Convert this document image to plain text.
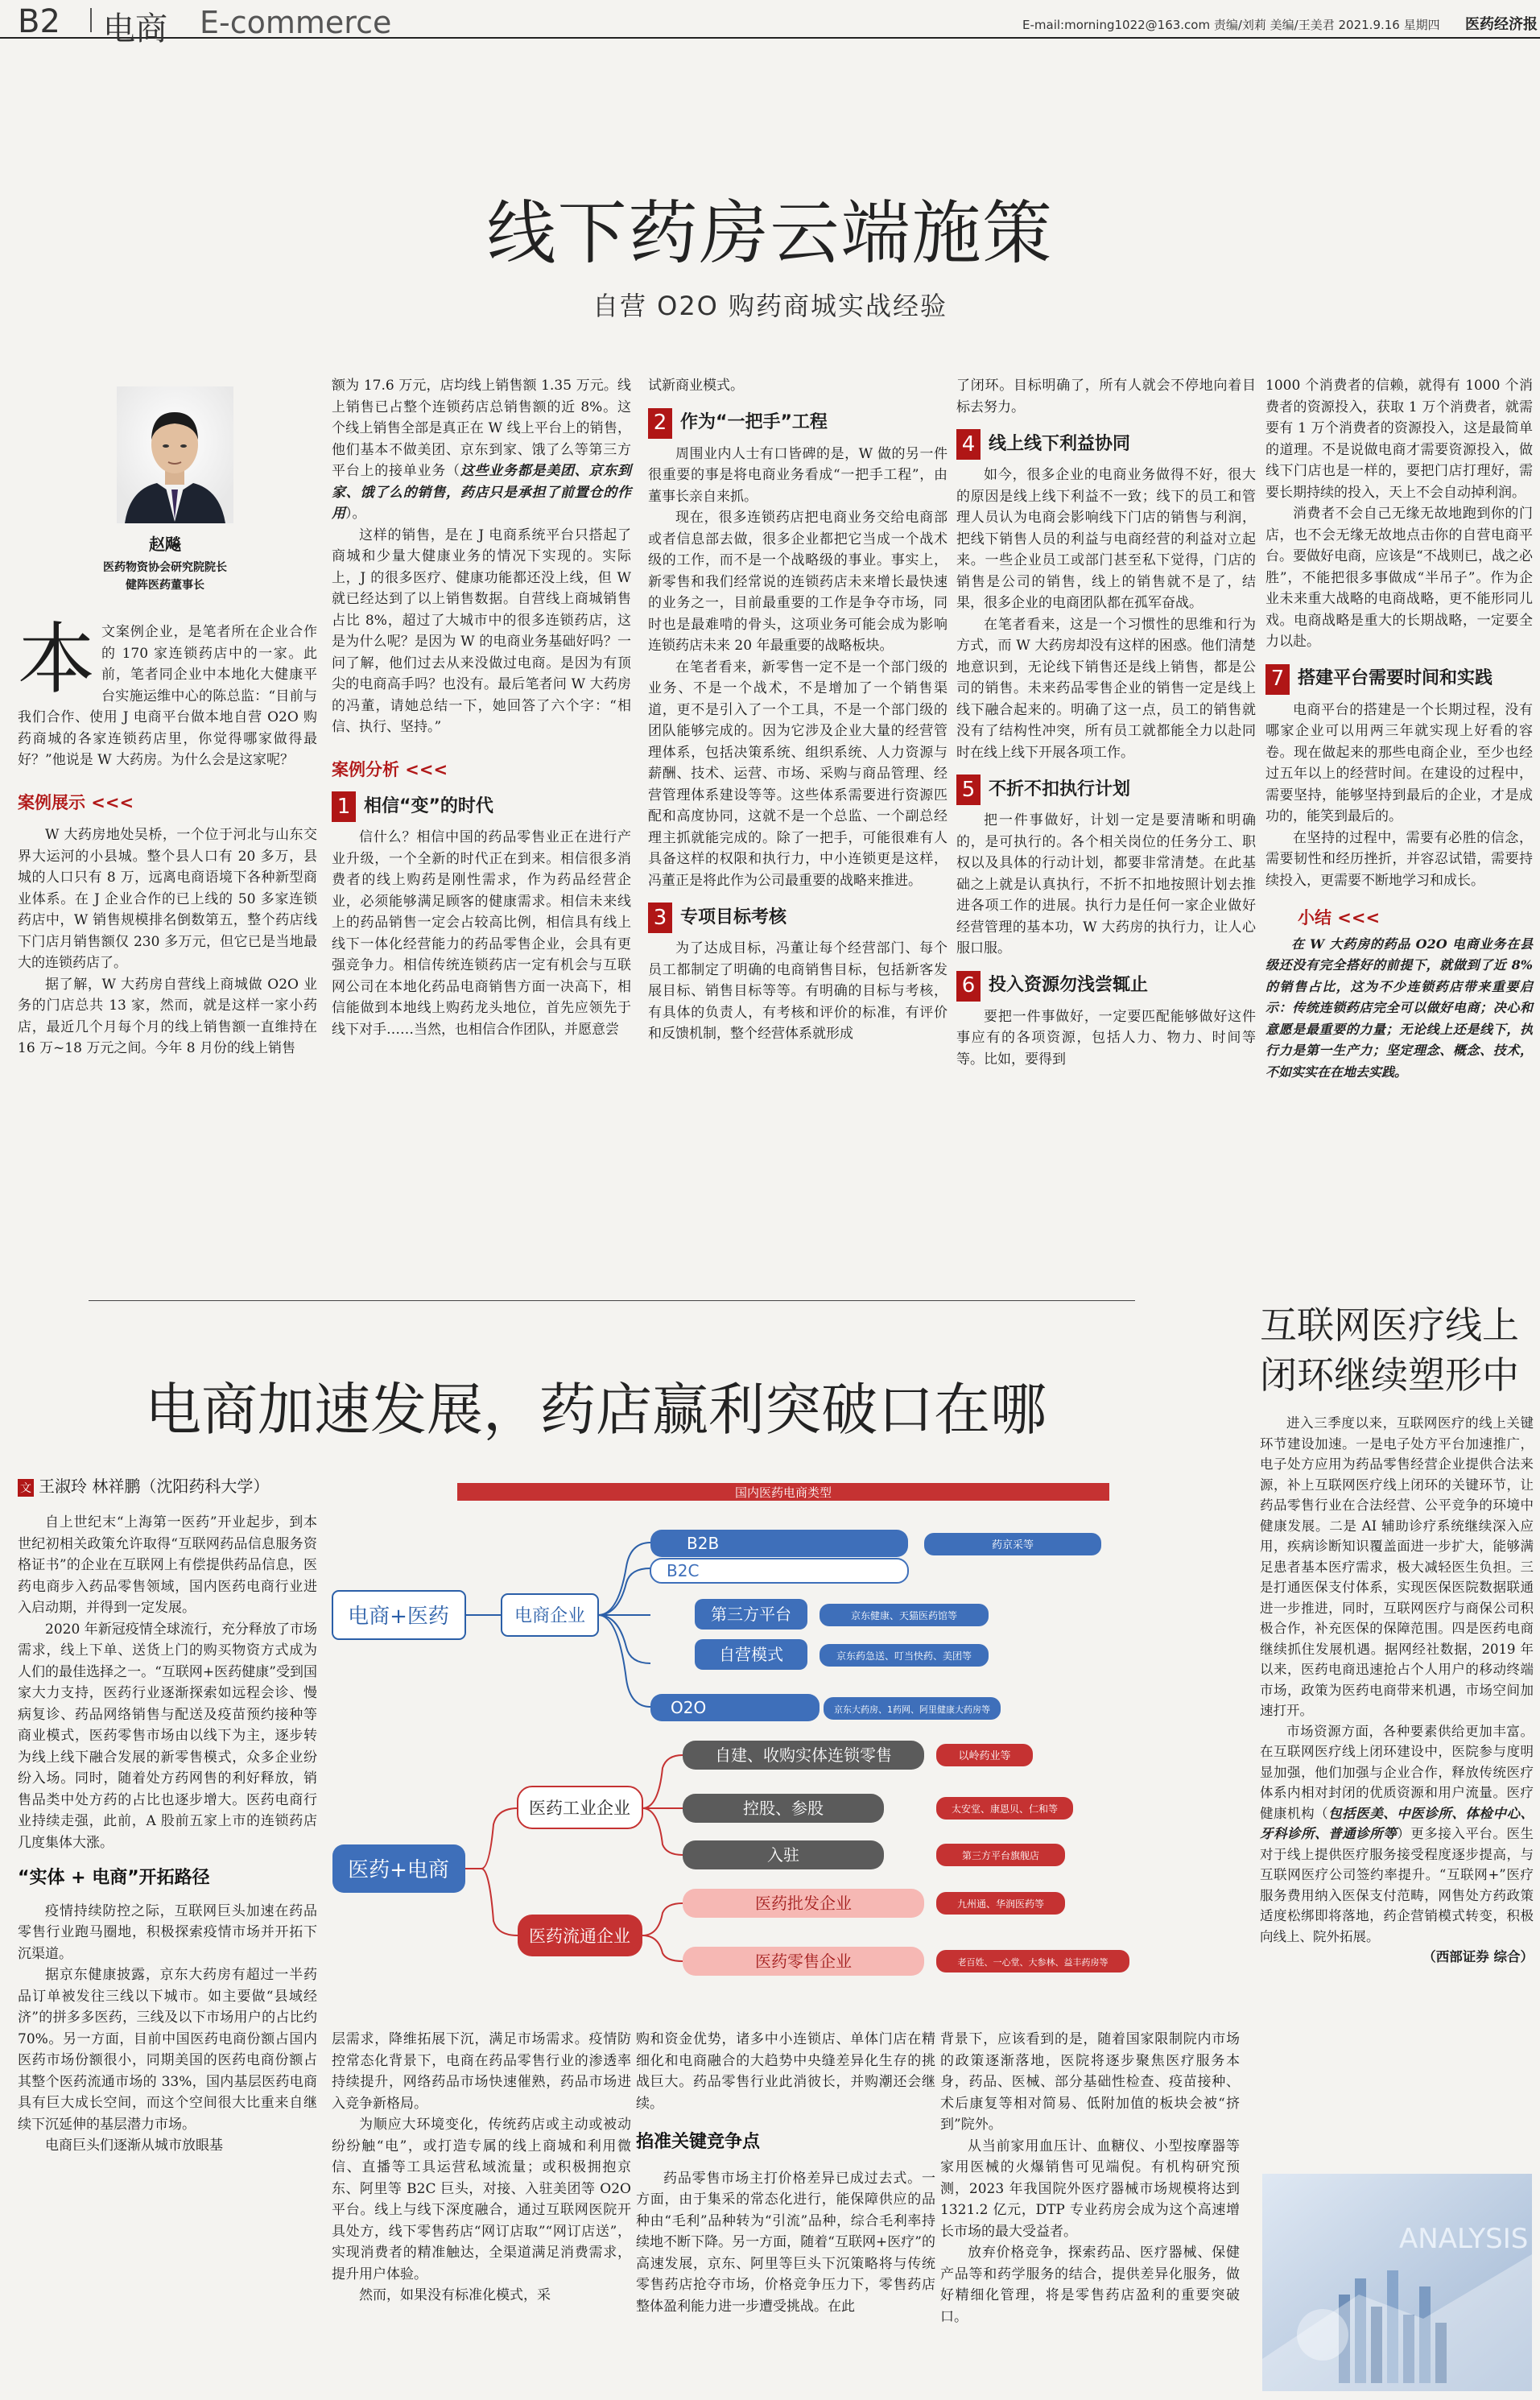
B2 电商 E-commerce	E-mail:morning1022@163.com 责编/刘莉 美编/王美君 2021.9.16 星期四 医药经济报
线下药房云端施策
自营 O2O 购药商城实战经验
赵飚
医药物资协会研究院院长
健阵医药董事长

本文案例企业，是笔者所在企业合作的 170 家连锁药店中的一家。此前，笔者同企业中本地化大健康平台实施运维中心的陈总监：“目前与我们合作、使用 J 电商平台做本地自营 O2O 购药商城的各家连锁药店里，你觉得哪家做得最好？”他说是 W 大药房。为什么会是这家呢？

案例展示 <<<

W 大药房地处吴桥，一个位于河北与山东交界大运河的小县城。整个县人口有 20 多万，县城的人口只有 8 万，远离电商语境下各种新型商业体系。在 J 企业合作的已上线的 50 多家连锁药店中，W 销售规模排名倒数第五，整个药店线下门店月销售额仅 230 多万元，但它已是当地最大的连锁药店了。

据了解，W 大药房自营线上商城做 O2O 业务的门店总共 13 家，然而，就是这样一家小药店，最近几个月每个月的线上销售额一直维持在 16 万~18 万元之间。今年 8 月份的线上销售

额为 17.6 万元，店均线上销售额 1.35 万元。线上销售已占整个连锁药店总销售额的近 8%。这个线上销售全部是真正在 W 线上平台上的销售，他们基本不做美团、京东到家、饿了么等第三方平台上的接单业务（这些业务都是美团、京东到家、饿了么的销售，药店只是承担了前置仓的作用）。

这样的销售，是在 J 电商系统平台只搭起了商城和少量大健康业务的情况下实现的。实际上，J 的很多医疗、健康功能都还没上线，但 W 就已经达到了以上销售数据。自营线上商城销售占比 8%，超过了大城市中的很多连锁药店，这是为什么呢？是因为 W 的电商业务基础好吗？一问了解，他们过去从来没做过电商。是因为有顶尖的电商高手吗？也没有。最后笔者问 W 大药房的冯董，请她总结一下，她回答了六个字：“相信、执行、坚持。”

案例分析 <<<
1 相信“变”的时代

信什么？相信中国的药品零售业正在进行产业升级，一个全新的时代正在到来。相信很多消费者的线上购药是刚性需求，作为药品经营企业，必须能够满足顾客的健康需求。相信未来线上的药品销售一定会占较高比例，相信具有线上线下一体化经营能力的药品零售企业，会具有更强竞争力。相信传统连锁药店一定有机会与互联网公司在本地化药品电商销售方面一决高下，相信能做到本地线上购药龙头地位，首先应领先于线下对手……当然，也相信合作团队，并愿意尝

试新商业模式。

2 作为“一把手”工程

周围业内人士有口皆碑的是，W 做的另一件很重要的事是将电商业务看成“一把手工程”，由董事长亲自来抓。

现在，很多连锁药店把电商业务交给电商部或者信息部去做，很多企业都把它当成一个战术级的工作，而不是一个战略级的事业。事实上，新零售和我们经常说的连锁药店未来增长最快速的业务之一，目前最重要的工作是争夺市场，同时也是最难啃的骨头，这项业务可能会成为影响连锁药店未来 20 年最重要的战略板块。

在笔者看来，新零售一定不是一个部门级的业务、不是一个战术，不是增加了一个销售渠道，更不是引入了一个工具，不是一个部门级的团队能够完成的。因为它涉及企业大量的经营管理体系，包括决策系统、组织系统、人力资源与薪酬、技术、运营、市场、采购与商品管理、经营管理体系建设等等。这些体系需要进行资源匹配和高度协同，这就不是一个总监、一个副总经理主抓就能完成的。除了一把手，可能很难有人具备这样的权限和执行力，中小连锁更是这样，冯董正是将此作为公司最重要的战略来推进。

3 专项目标考核

为了达成目标，冯董让每个经营部门、每个员工都制定了明确的电商销售目标，包括新客发展目标、销售目标等等。有明确的目标与考核，有具体的负责人，有考核和评价的标准，有评价和反馈机制，整个经营体系就形成

了闭环。目标明确了，所有人就会不停地向着目标去努力。

4 线上线下利益协同

如今，很多企业的电商业务做得不好，很大的原因是线上线下利益不一致；线下的员工和管理人员认为电商会影响线下门店的销售与利润，把线下销售人员的利益与电商经营的利益对立起来。一些企业员工或部门甚至私下觉得，门店的销售是公司的销售，线上的销售就不是了，结果，很多企业的电商团队都在孤军奋战。

在笔者看来，这是一个习惯性的思维和行为方式，而 W 大药房却没有这样的困惑。他们清楚地意识到，无论线下销售还是线上销售，都是公司的销售。未来药品零售企业的销售一定是线上线下融合起来的。明确了这一点，员工的销售就没有了结构性冲突，所有员工就都能全力以赴同时在线上线下开展各项工作。

5 不折不扣执行计划

把一件事做好，计划一定是要清晰和明确的，是可执行的。各个相关岗位的任务分工、职权以及具体的行动计划，都要非常清楚。在此基础之上就是认真执行，不折不扣地按照计划去推进各项工作的进展。执行力是任何一家企业做好经营管理的基本功，W 大药房的执行力，让人心服口服。

6 投入资源勿浅尝辄止

要把一件事做好，一定要匹配能够做好这件事应有的各项资源，包括人力、物力、时间等等。比如，要得到

1000 个消费者的信赖，就得有 1000 个消费者的资源投入，获取 1 万个消费者，就需要有 1 万个消费者的资源投入，这是最简单的道理。不是说做电商才需要资源投入，做线下门店也是一样的，要把门店打理好，需要长期持续的投入，天上不会自动掉利润。

消费者不会自己无缘无故地跑到你的门店，也不会无缘无故地点击你的自营电商平台。要做好电商，应该是“不战则已，战之必胜”，不能把很多事做成“半吊子”。作为企业未来重大战略的电商战略，更不能形同儿戏。电商战略是重大的长期战略，一定要全力以赴。

7 搭建平台需要时间和实践

电商平台的搭建是一个长期过程，没有哪家企业可以用两三年就实现上好看的容卷。现在做起来的那些电商企业，至少也经过五年以上的经营时间。在建设的过程中，需要坚持，能够坚持到最后的企业，才是成功的，能笑到最后的。

在坚持的过程中，需要有必胜的信念，需要韧性和经历挫折，并容忍试错，需要持续投入，更需要不断地学习和成长。

小结 <<<

在 W 大药房的药品 O2O 电商业务在县级还没有完全搭好的前提下，就做到了近 8%的销售占比，这为不少连锁药店带来重要启示：传统连锁药店完全可以做好电商；决心和意愿是最重要的力量；无论线上还是线下，执行力是第一生产力；坚定理念、概念、技术，不如实实在在地去实践。

电商加速发展，药店赢利突破口在哪
文 王淑玲 林祥鹏（沈阳药科大学）

自上世纪末“上海第一医药”开业起步，到本世纪初相关政策允许取得“互联网药品信息服务资格证书”的企业在互联网上有偿提供药品信息，医药电商步入药品零售领域，国内医药电商行业进入启动期，并得到一定发展。

2020 年新冠疫情全球流行，充分释放了市场需求，线上下单、送货上门的购买物资方式成为人们的最佳选择之一。“互联网+医药健康”受到国家大力支持，医药行业逐渐探索如远程会诊、慢病复诊、药品网络销售与配送及疫苗预约接种等商业模式，医药零售市场由以线下为主，逐步转为线上线下融合发展的新零售模式，众多企业纷纷入场。同时，随着处方药网售的利好释放，销售品类中处方药的占比也逐步增大。医药电商行业持续走强，此前，A 股前五家上市的连锁药店几度集体大涨。

“实体 + 电商”开拓路径

疫情持续防控之际，互联网巨头加速在药品零售行业跑马圈地，积极探索疫情市场并开拓下沉渠道。

据京东健康披露，京东大药房有超过一半药品订单被发往三线以下城市。如主要做“县域经济”的拼多多医药，三线及以下市场用户的占比约 70%。另一方面，目前中国医药电商份额占国内医药市场份额很小，同期美国的医药电商份额占其整个医药流通市场的 33%，国内基层医药电商具有巨大成长空间，而这个空间很大比重来自继续下沉延伸的基层潜力市场。

电商巨头们逐渐从城市放眼基

国内医药电商类型
电商+医药	电商企业
B2B	药京采等
B2C
第三方平台	京东健康、天猫医药馆等
自营模式	京东药急送、叮当快药、美团等
O2O	京东大药房、1药网、阿里健康大药房等
医药+电商
医药工业企业
自建、收购实体连锁零售	以岭药业等
控股、参股	太安堂、康恩贝、仁和等
入驻	第三方平台旗舰店
医药流通企业
医药批发企业	九州通、华润医药等
医药零售企业	老百姓、一心堂、大参林、益丰药房等

层需求，降维拓展下沉，满足市场需求。疫情防控常态化背景下，电商在药品零售行业的渗透率持续提升，网络药品市场快速催熟，药品市场进入竞争新格局。

为顺应大环境变化，传统药店或主动或被动纷纷触“电”，或打造专属的线上商城和利用微信、直播等工具运营私域流量；或积极拥抱京东、阿里等 B2C 巨头，对接、入驻美团等 O2O 平台。线上与线下深度融合，通过互联网医院开具处方，线下零售药店“网订店取”“网订店送”，实现消费者的精准触达，全渠道满足消费需求，提升用户体验。

然而，如果没有标准化模式，采

购和资金优势，诸多中小连锁店、单体门店在精细化和电商融合的大趋势中央缝差异化生存的挑战巨大。药品零售行业此消彼长，并购潮还会继续。

掐准关键竞争点

药品零售市场主打价格差异已成过去式。一方面，由于集采的常态化进行，能保障供应的品种由“毛利”品种转为“引流”品种，综合毛利率持续地不断下降。另一方面，随着“互联网+医疗”的高速发展，京东、阿里等巨头下沉策略将与传统零售药店抢夺市场，价格竞争压力下，零售药店整体盈利能力进一步遭受挑战。在此

背景下，应该看到的是，随着国家限制院内市场的政策逐渐落地，医院将逐步聚焦医疗服务本身，药品、医械、部分基础性检查、疫苗接种、术后康复等相对简易、低附加值的板块会被“挤到”院外。

从当前家用血压计、血糖仪、小型按摩器等家用医械的火爆销售可见端倪。有机构研究预测，2023 年我国院外医疗器械市场规模将达到 1321.2 亿元，DTP 专业药房会成为这个高速增长市场的最大受益者。

放弃价格竞争，探索药品、医疗器械、保健产品等和药学服务的结合，提供差异化服务，做好精细化管理，将是零售药店盈利的重要突破口。

互联网医疗线上闭环继续塑形中

进入三季度以来，互联网医疗的线上关键环节建设加速。一是电子处方平台加速推广，电子处方应用为药品零售经营企业提供合法来源，补上互联网医疗线上闭环的关键环节，让药品零售行业在合法经营、公平竞争的环境中健康发展。二是 AI 辅助诊疗系统继续深入应用，疾病诊断知识覆盖面进一步扩大，能够满足患者基本医疗需求，极大减轻医生负担。三是打通医保支付体系，实现医保医院数据联通进一步推进，同时，互联网医疗与商保公司积极合作，补充医保的保障范围。四是医药电商继续抓住发展机遇。据网经社数据，2019 年以来，医药电商迅速抢占个人用户的移动终端市场，政策为医药电商带来机遇，市场空间加速打开。

市场资源方面，各种要素供给更加丰富。在互联网医疗线上闭环建设中，医院参与度明显加强，他们加强与企业合作，释放传统医疗体系内相对封闭的优质资源和用户流量。医疗健康机构（包括医美、中医诊所、体检中心、牙科诊所、普通诊所等）更多接入平台。医生对于线上提供医疗服务接受程度逐步提高，与互联网医疗公司签约率提升。“互联网+”医疗服务费用纳入医保支付范畴，网售处方药政策适度松绑即将落地，药企营销模式转变，积极向线上、院外拓展。

（西部证券 综合）

ANALYSIS
